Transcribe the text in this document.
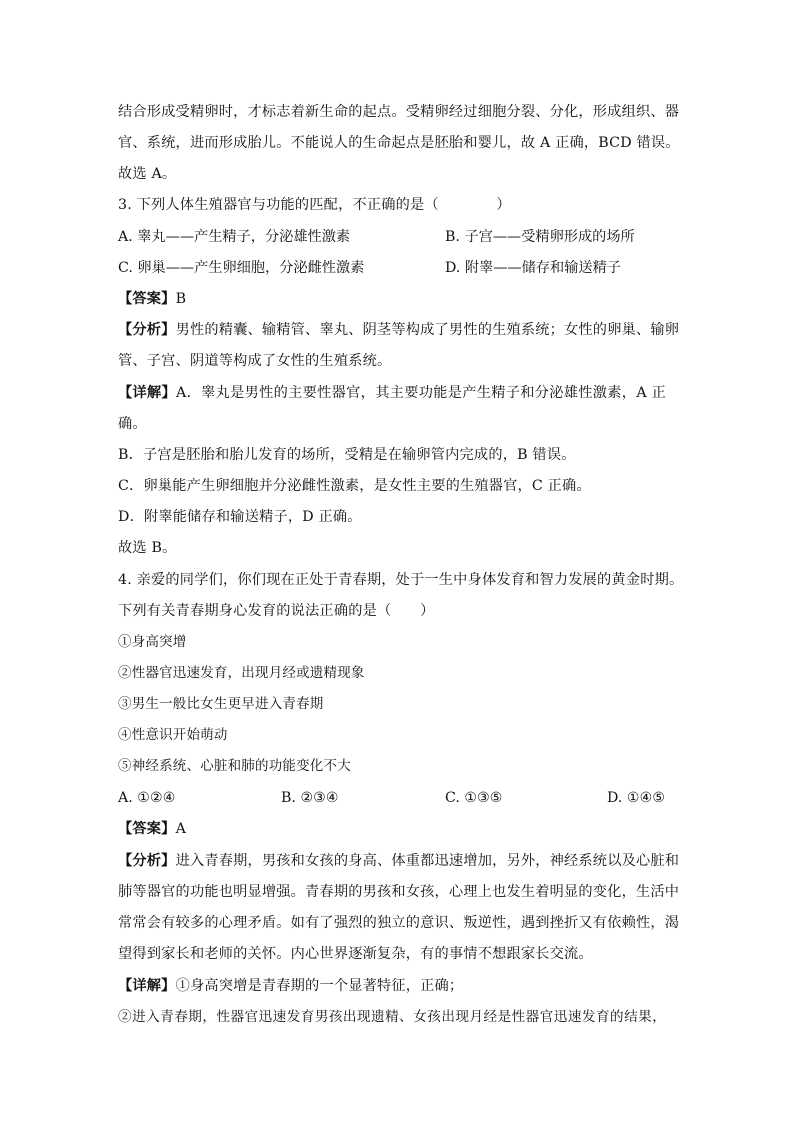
结合形成受精卵时，才标志着新生命的起点。受精卵经过细胞分裂、分化，形成组织、器
官、系统，进而形成胎儿。不能说人的生命起点是胚胎和婴儿，故 A 正确，BCD 错误。
故选 A。
3. 下列人体生殖器官与功能的匹配，不正确的是（　　　　）
A. 睾丸——产生精子，分泌雄性激素	B. 子宫——受精卵形成的场所
C. 卵巢——产生卵细胞，分泌雌性激素	D. 附睾——储存和输送精子
【答案】B
【分析】男性的精囊、输精管、睾丸、阴茎等构成了男性的生殖系统；女性的卵巢、输卵
管、子宫、阴道等构成了女性的生殖系统。
【详解】A．睾丸是男性的主要性器官，其主要功能是产生精子和分泌雄性激素，A 正
确。
B．子宫是胚胎和胎儿发育的场所，受精是在输卵管内完成的，B 错误。
C．卵巢能产生卵细胞并分泌雌性激素，是女性主要的生殖器官，C 正确。
D．附睾能储存和输送精子，D 正确。
故选 B。
4. 亲爱的同学们，你们现在正处于青春期，处于一生中身体发育和智力发展的黄金时期。
下列有关青春期身心发育的说法正确的是（　　）
①身高突增
②性器官迅速发育，出现月经或遗精现象
③男生一般比女生更早进入青春期
④性意识开始萌动
⑤神经系统、心脏和肺的功能变化不大
A. ①②④	B. ②③④	C. ①③⑤	D. ①④⑤
【答案】A
【分析】进入青春期，男孩和女孩的身高、体重都迅速增加，另外，神经系统以及心脏和
肺等器官的功能也明显增强。青春期的男孩和女孩，心理上也发生着明显的变化，生活中
常常会有较多的心理矛盾。如有了强烈的独立的意识、叛逆性，遇到挫折又有依赖性，渴
望得到家长和老师的关怀。内心世界逐渐复杂，有的事情不想跟家长交流。
【详解】①身高突增是青春期的一个显著特征，正确；
②进入青春期，性器官迅速发育男孩出现遗精、女孩出现月经是性器官迅速发育的结果，
